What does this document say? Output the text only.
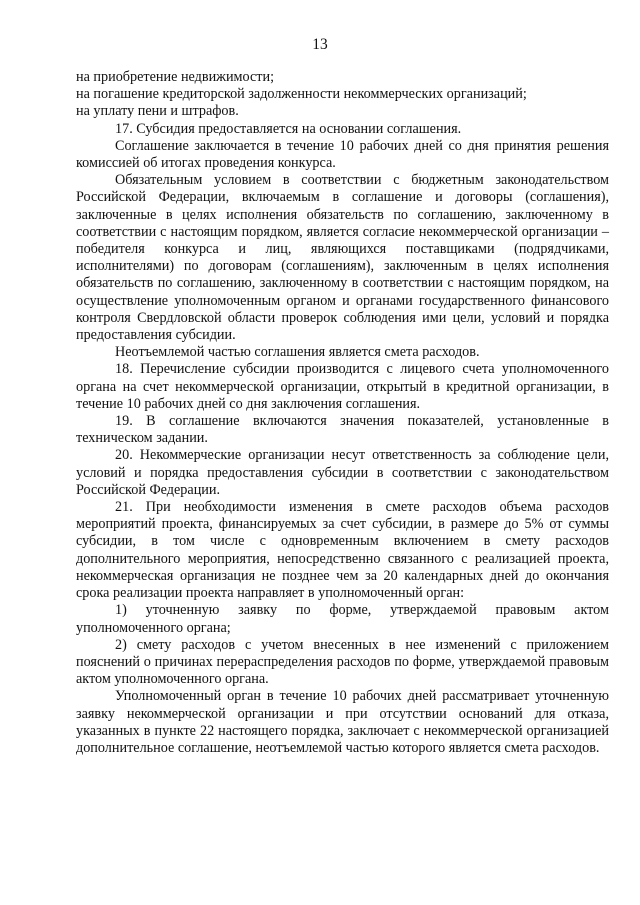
13

на приобретение недвижимости;

на погашение кредиторской задолженности некоммерческих организаций;

на уплату пени и штрафов.

17. Субсидия предоставляется на основании соглашения.

Соглашение заключается в течение 10 рабочих дней со дня принятия решения комиссией об итогах проведения конкурса.

Обязательным условием в соответствии с бюджетным законодательством Российской Федерации, включаемым в соглашение и договоры (соглашения), заключенные в целях исполнения обязательств по соглашению, заключенному в соответствии с настоящим порядком, является согласие некоммерческой организации – победителя конкурса и лиц, являющихся поставщиками (подрядчиками, исполнителями) по договорам (соглашениям), заключенным в целях исполнения обязательств по соглашению, заключенному в соответствии с настоящим порядком, на осуществление уполномоченным органом и органами государственного финансового контроля Свердловской области проверок соблюдения ими цели, условий и порядка предоставления субсидии.

Неотъемлемой частью соглашения является смета расходов.

18. Перечисление субсидии производится с лицевого счета уполномоченного органа на счет некоммерческой организации, открытый в кредитной организации, в течение 10 рабочих дней со дня заключения соглашения.

19. В соглашение включаются значения показателей, установленные в техническом задании.

20. Некоммерческие организации несут ответственность за соблюдение цели, условий и порядка предоставления субсидии в соответствии с законодательством Российской Федерации.

21. При необходимости изменения в смете расходов объема расходов мероприятий проекта, финансируемых за счет субсидии, в размере до 5% от суммы субсидии, в том числе с одновременным включением в смету расходов дополнительного мероприятия, непосредственно связанного с реализацией проекта, некоммерческая организация не позднее чем за 20 календарных дней до окончания срока реализации проекта направляет в уполномоченный орган:

1) уточненную заявку по форме, утверждаемой правовым актом уполномоченного органа;

2) смету расходов с учетом внесенных в нее изменений с приложением пояснений о причинах перераспределения расходов по форме, утверждаемой правовым актом уполномоченного органа.

Уполномоченный орган в течение 10 рабочих дней рассматривает уточненную заявку некоммерческой организации и при отсутствии оснований для отказа, указанных в пункте 22 настоящего порядка, заключает с некоммерческой организацией дополнительное соглашение, неотъемлемой частью которого является смета расходов.
